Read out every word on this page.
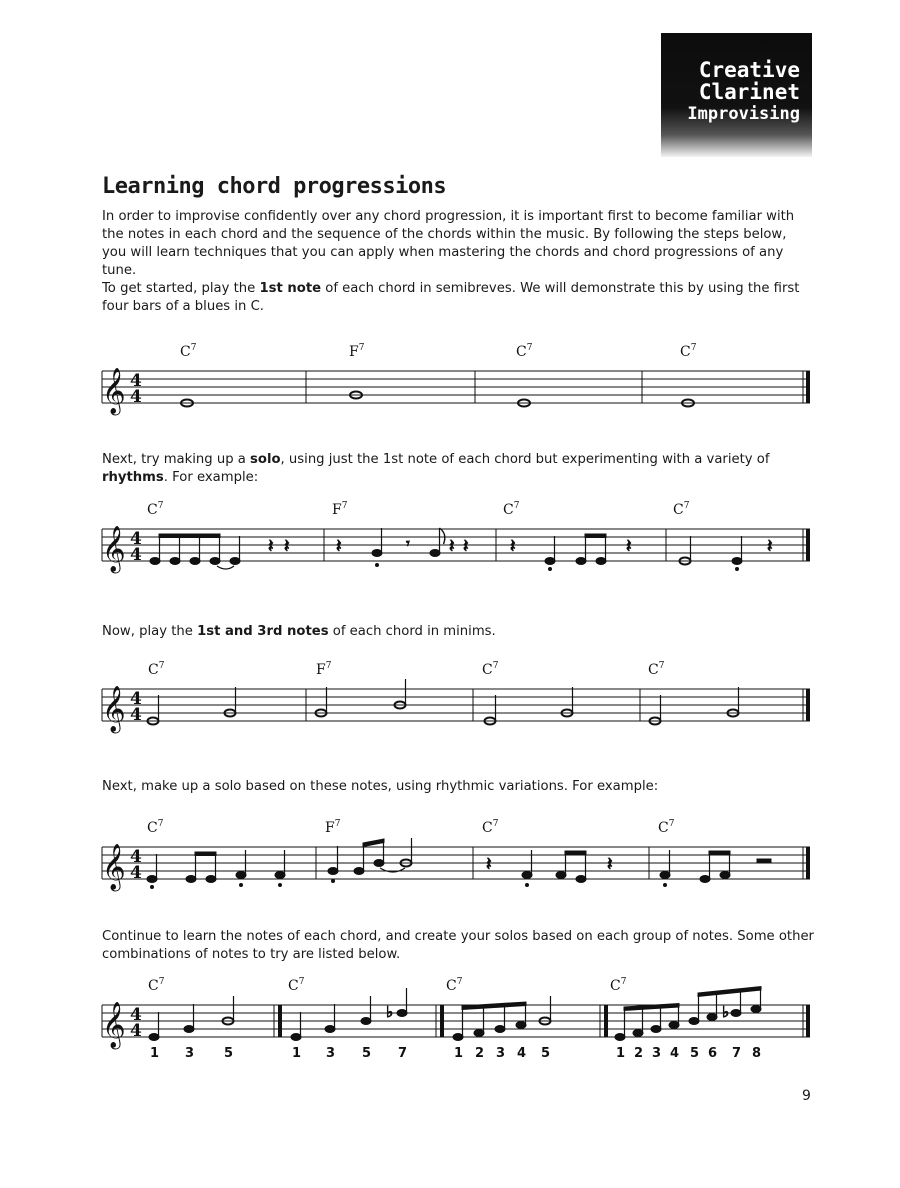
Creative
Clarinet
Improvising
Learning chord progressions

In order to improvise confidently over any chord progression, it is important first to become familiar with the notes in each chord and the sequence of the chords within the music. By following the steps below, you will learn techniques that you can apply when mastering the chords and chord progressions of any tune.

To get started, play the 1st note of each chord in semibreves. We will demonstrate this by using the first four bars of a blues in C.

𝄞 4
4
$C^7$	$F^7$	$C^7$	$C^7$

Next, try making up a solo, using just the 1st note of each chord but experimenting with a variety of rhythms. For example:

𝄞 4
4
$C^7$	$F^7$	$C^7$	$C^7$
𝄽 𝄽	𝄽	𝄾 𝄽 𝄽 𝄽	𝄽	𝄽

Now, play the 1st and 3rd notes of each chord in minims.

𝄞 4
4
$C^7$	$F^7$	$C^7$	$C^7$

Next, make up a solo based on these notes, using rhythmic variations. For example:

𝄞 4
4
$C^7$	$F^7$	$C^7$	$C^7$
𝄽	𝄽

Continue to learn the notes of each chord, and create your solos based on each group of notes. Some other combinations of notes to try are listed below.

𝄞 4
4
$C^7$	$C^7$	$C^7$	$C^7$
♭	♭
1 3 5	1 3 5 7	1 2 3 4 5	1 2 3 4 5 6 7 8
9
